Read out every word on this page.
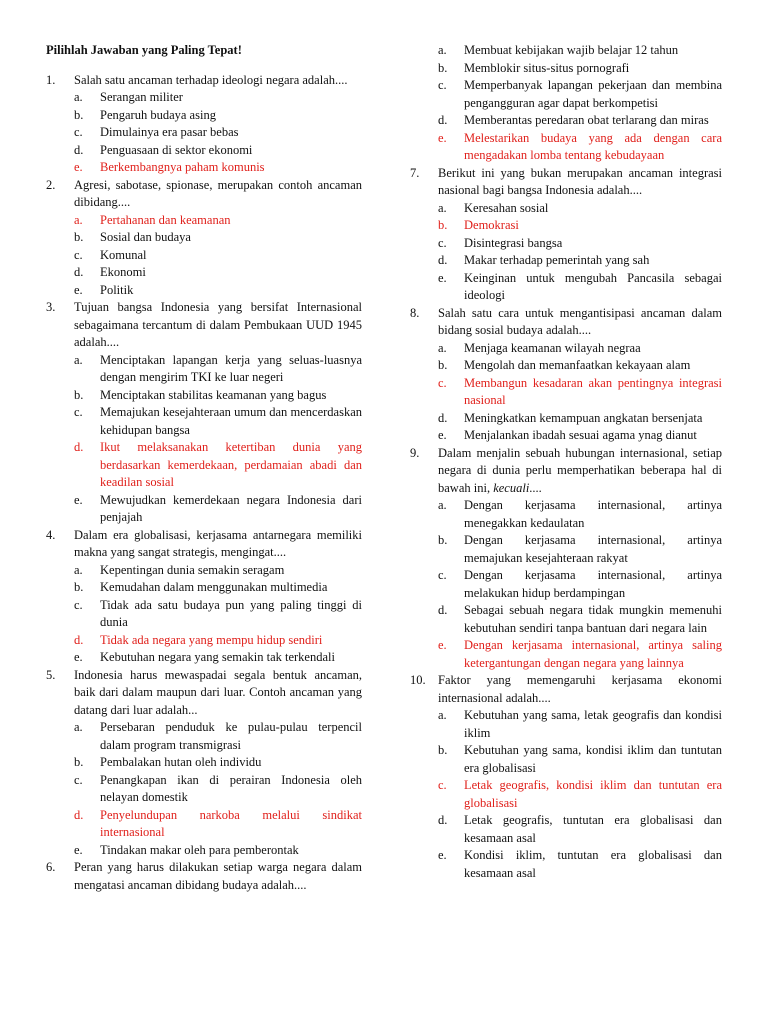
Pilihlah Jawaban yang Paling Tepat!
1.	Salah satu ancaman terhadap ideologi negara adalah....
a.	Serangan militer
b.	Pengaruh budaya asing
c.	Dimulainya era pasar bebas
d.	Penguasaan di sektor ekonomi
e.	Berkembangnya paham komunis
2.	Agresi, sabotase, spionase, merupakan contoh ancaman dibidang....
a.	Pertahanan dan keamanan
b.	Sosial dan budaya
c.	Komunal
d.	Ekonomi
e.	Politik
3.	Tujuan bangsa Indonesia yang bersifat Internasional sebagaimana tercantum di dalam Pembukaan UUD 1945 adalah....
a.	Menciptakan lapangan kerja yang seluas-luasnya dengan mengirim TKI ke luar negeri
b.	Menciptakan stabilitas keamanan yang bagus
c.	Memajukan kesejahteraan umum dan mencerdaskan kehidupan bangsa
d.	Ikut melaksanakan ketertiban dunia yang berdasarkan kemerdekaan, perdamaian abadi dan keadilan sosial
e.	Mewujudkan kemerdekaan negara Indonesia dari penjajah
4.	Dalam era globalisasi, kerjasama antarnegara memiliki makna yang sangat strategis, mengingat....
a.	Kepentingan dunia semakin seragam
b.	Kemudahan dalam menggunakan multimedia
c.	Tidak ada satu budaya pun yang paling tinggi di dunia
d.	Tidak ada negara yang mempu hidup sendiri
e.	Kebutuhan negara yang semakin tak terkendali
5.	Indonesia harus mewaspadai segala bentuk ancaman, baik dari dalam maupun dari luar. Contoh ancaman yang datang dari luar adalah...
a.	Persebaran penduduk ke pulau-pulau terpencil dalam program transmigrasi
b.	Pembalakan hutan oleh individu
c.	Penangkapan ikan di perairan Indonesia oleh nelayan domestik
d.	Penyelundupan narkoba melalui sindikat internasional
e.	Tindakan makar oleh para pemberontak
6.	Peran yang harus dilakukan setiap warga negara dalam mengatasi ancaman dibidang budaya adalah....
a.	Membuat kebijakan wajib belajar 12 tahun
b.	Memblokir situs-situs pornografi
c.	Memperbanyak lapangan pekerjaan dan membina pengangguran agar dapat berkompetisi
d.	Memberantas peredaran obat terlarang dan miras
e.	Melestarikan budaya yang ada dengan cara mengadakan lomba tentang kebudayaan
7.	Berikut ini yang bukan merupakan ancaman integrasi nasional bagi bangsa Indonesia adalah....
a.	Keresahan sosial
b.	Demokrasi
c.	Disintegrasi bangsa
d.	Makar terhadap pemerintah yang sah
e.	Keinginan untuk mengubah Pancasila sebagai ideologi
8.	Salah satu cara untuk mengantisipasi ancaman dalam bidang sosial budaya adalah....
a.	Menjaga keamanan wilayah negraa
b.	Mengolah dan memanfaatkan kekayaan alam
c.	Membangun kesadaran akan pentingnya integrasi nasional
d.	Meningkatkan kemampuan angkatan bersenjata
e.	Menjalankan ibadah sesuai agama ynag dianut
9.	Dalam menjalin sebuah hubungan internasional, setiap negara di dunia perlu memperhatikan beberapa hal di bawah ini, kecuali....
a.	Dengan kerjasama internasional, artinya menegakkan kedaulatan
b.	Dengan kerjasama internasional, artinya memajukan kesejahteraan rakyat
c.	Dengan kerjasama internasional, artinya melakukan hidup berdampingan
d.	Sebagai sebuah negara tidak mungkin memenuhi kebutuhan sendiri tanpa bantuan dari negara lain
e.	Dengan kerjasama internasional, artinya saling ketergantungan dengan negara yang lainnya
10. Faktor yang memengaruhi kerjasama ekonomi internasional adalah....
a.	Kebutuhan yang sama, letak geografis dan kondisi iklim
b.	Kebutuhan yang sama, kondisi iklim dan tuntutan era globalisasi
c.	Letak geografis, kondisi iklim dan tuntutan era globalisasi
d.	Letak geografis, tuntutan era globalisasi dan kesamaan asal
e.	Kondisi iklim, tuntutan era globalisasi dan kesamaan asal
